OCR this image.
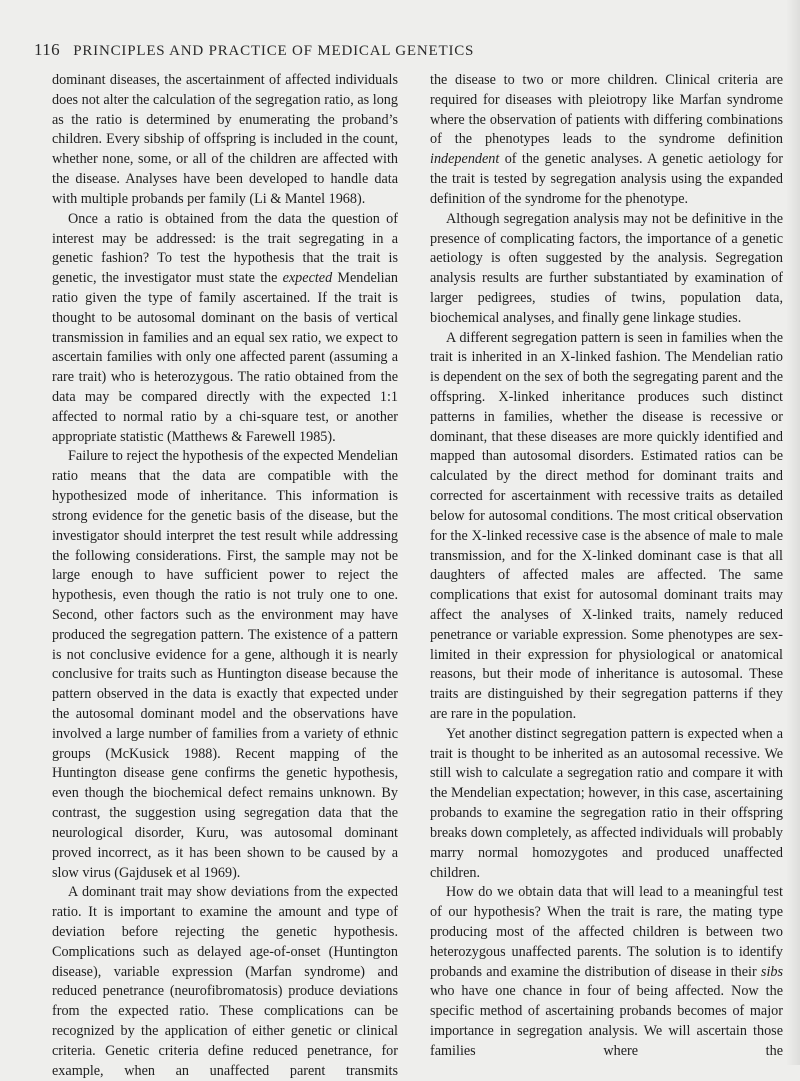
116 PRINCIPLES AND PRACTICE OF MEDICAL GENETICS

dominant diseases, the ascertainment of affected individuals does not alter the calculation of the segregation ratio, as long as the ratio is determined by enumerating the proband’s children. Every sibship of offspring is included in the count, whether none, some, or all of the children are affected with the disease. Analyses have been developed to handle data with multiple probands per family (Li & Mantel 1968).

Once a ratio is obtained from the data the question of interest may be addressed: is the trait segregating in a genetic fashion? To test the hypothesis that the trait is genetic, the investigator must state the expected Mendelian ratio given the type of family ascertained. If the trait is thought to be autosomal dominant on the basis of vertical transmission in families and an equal sex ratio, we expect to ascertain families with only one affected parent (assuming a rare trait) who is heterozygous. The ratio obtained from the data may be compared directly with the expected 1:1 affected to normal ratio by a chi-square test, or another appropriate statistic (Matthews & Farewell 1985).

Failure to reject the hypothesis of the expected Mendelian ratio means that the data are compatible with the hypothesized mode of inheritance. This information is strong evidence for the genetic basis of the disease, but the investigator should interpret the test result while addressing the following considerations. First, the sample may not be large enough to have sufficient power to reject the hypothesis, even though the ratio is not truly one to one. Second, other factors such as the environment may have produced the segregation pattern. The existence of a pattern is not conclusive evidence for a gene, although it is nearly conclusive for traits such as Huntington disease because the pattern observed in the data is exactly that expected under the autosomal dominant model and the observations have involved a large number of families from a variety of ethnic groups (McKusick 1988). Recent mapping of the Huntington disease gene confirms the genetic hypothesis, even though the biochemical defect remains unknown. By contrast, the suggestion using segregation data that the neurological disorder, Kuru, was autosomal dominant proved incorrect, as it has been shown to be caused by a slow virus (Gajdusek et al 1969).

A dominant trait may show deviations from the expected ratio. It is important to examine the amount and type of deviation before rejecting the genetic hypothesis. Complications such as delayed age-of-onset (Huntington disease), variable expression (Marfan syndrome) and reduced penetrance (neurofibromatosis) produce deviations from the expected ratio. These complications can be recognized by the application of either genetic or clinical criteria. Genetic criteria define reduced penetrance, for example, when an unaffected parent transmits

the disease to two or more children. Clinical criteria are required for diseases with pleiotropy like Marfan syndrome where the observation of patients with differing combinations of the phenotypes leads to the syndrome definition independent of the genetic analyses. A genetic aetiology for the trait is tested by segregation analysis using the expanded definition of the syndrome for the phenotype.

Although segregation analysis may not be definitive in the presence of complicating factors, the importance of a genetic aetiology is often suggested by the analysis. Segregation analysis results are further substantiated by examination of larger pedigrees, studies of twins, population data, biochemical analyses, and finally gene linkage studies.

A different segregation pattern is seen in families when the trait is inherited in an X-linked fashion. The Mendelian ratio is dependent on the sex of both the segregating parent and the offspring. X-linked inheritance produces such distinct patterns in families, whether the disease is recessive or dominant, that these diseases are more quickly identified and mapped than autosomal disorders. Estimated ratios can be calculated by the direct method for dominant traits and corrected for ascertainment with recessive traits as detailed below for autosomal conditions. The most critical observation for the X-linked recessive case is the absence of male to male transmission, and for the X-linked dominant case is that all daughters of affected males are affected. The same complications that exist for autosomal dominant traits may affect the analyses of X-linked traits, namely reduced penetrance or variable expression. Some phenotypes are sex-limited in their expression for physiological or anatomical reasons, but their mode of inheritance is autosomal. These traits are distinguished by their segregation patterns if they are rare in the population.

Yet another distinct segregation pattern is expected when a trait is thought to be inherited as an autosomal recessive. We still wish to calculate a segregation ratio and compare it with the Mendelian expectation; however, in this case, ascertaining probands to examine the segregation ratio in their offspring breaks down completely, as affected individuals will probably marry normal homozygotes and produced unaffected children.

How do we obtain data that will lead to a meaningful test of our hypothesis? When the trait is rare, the mating type producing most of the affected children is between two heterozygous unaffected parents. The solution is to identify probands and examine the distribution of disease in their sibs who have one chance in four of being affected. Now the specific method of ascertaining probands becomes of major importance in segregation analysis. We will ascertain those families where the
